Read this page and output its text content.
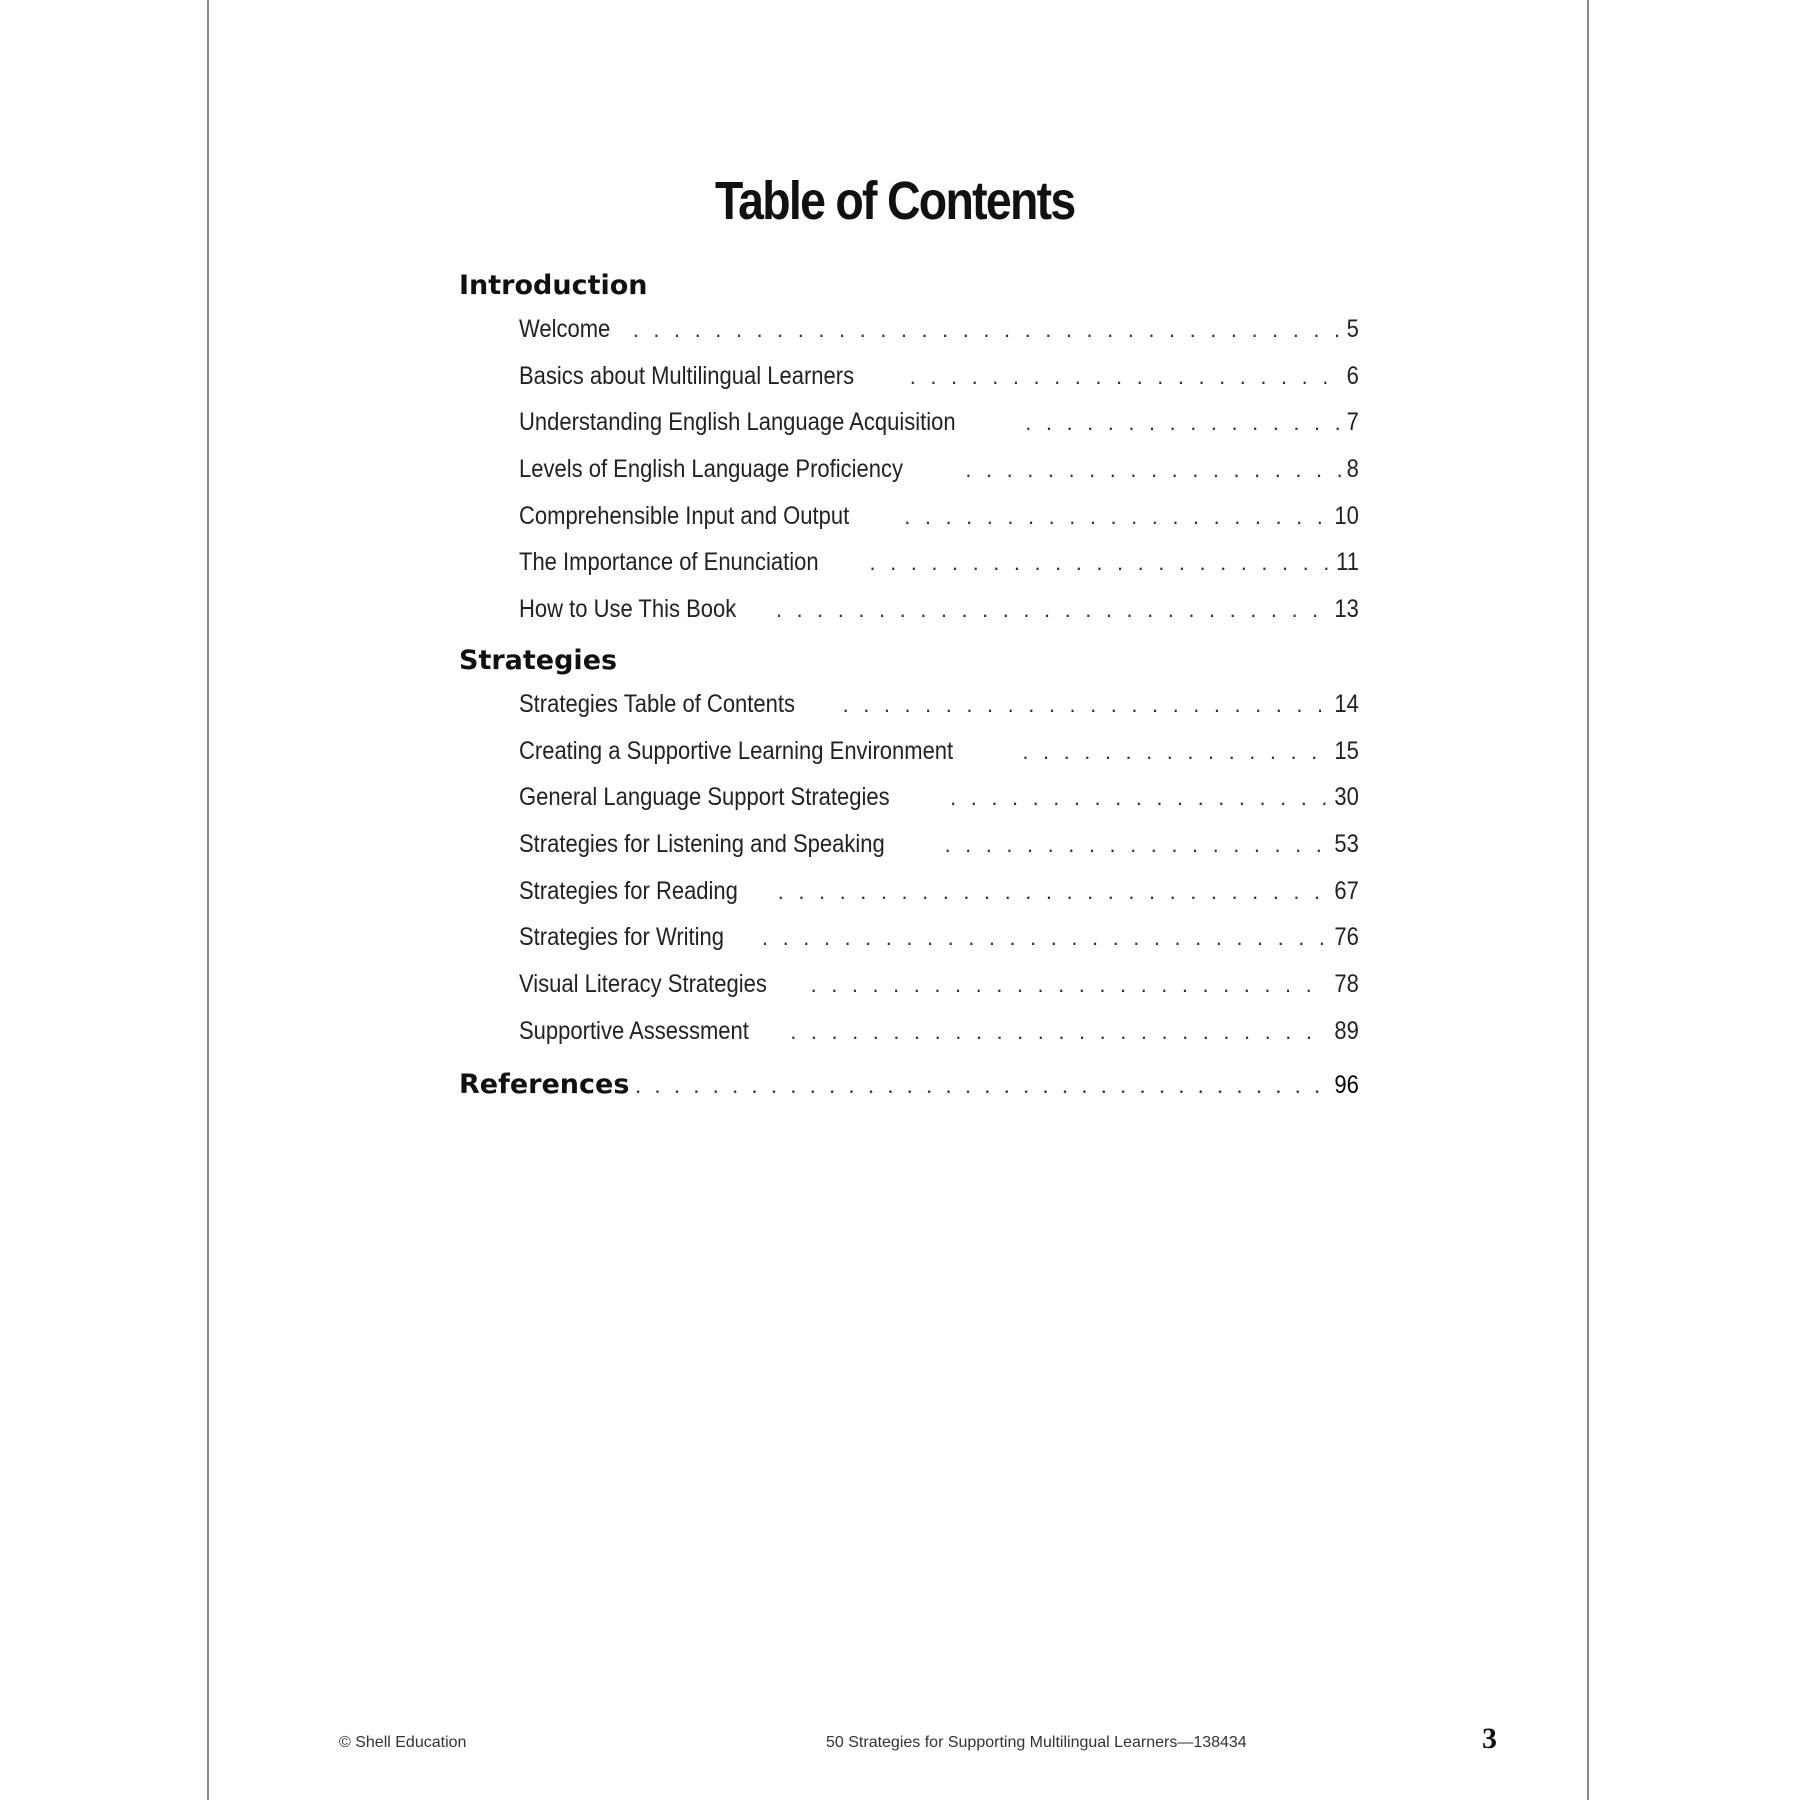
Table of Contents
Introduction
Welcome . . .	5
Basics about Multilingual Learners . . .	6
Understanding English Language Acquisition . . .	7
Levels of English Language Proficiency . . .	8
Comprehensible Input and Output . . .	10
The Importance of Enunciation . . .	11
How to Use This Book . . .	13
Strategies
Strategies Table of Contents . . .	14
Creating a Supportive Learning Environment . . .	15
General Language Support Strategies . . .	30
Strategies for Listening and Speaking . . .	53
Strategies for Reading . . .	67
Strategies for Writing . . .	76
Visual Literacy Strategies . . .	78
Supportive Assessment . . .	89
References . . .	96
© Shell Education	50 Strategies for Supporting Multilingual Learners—138434	3
